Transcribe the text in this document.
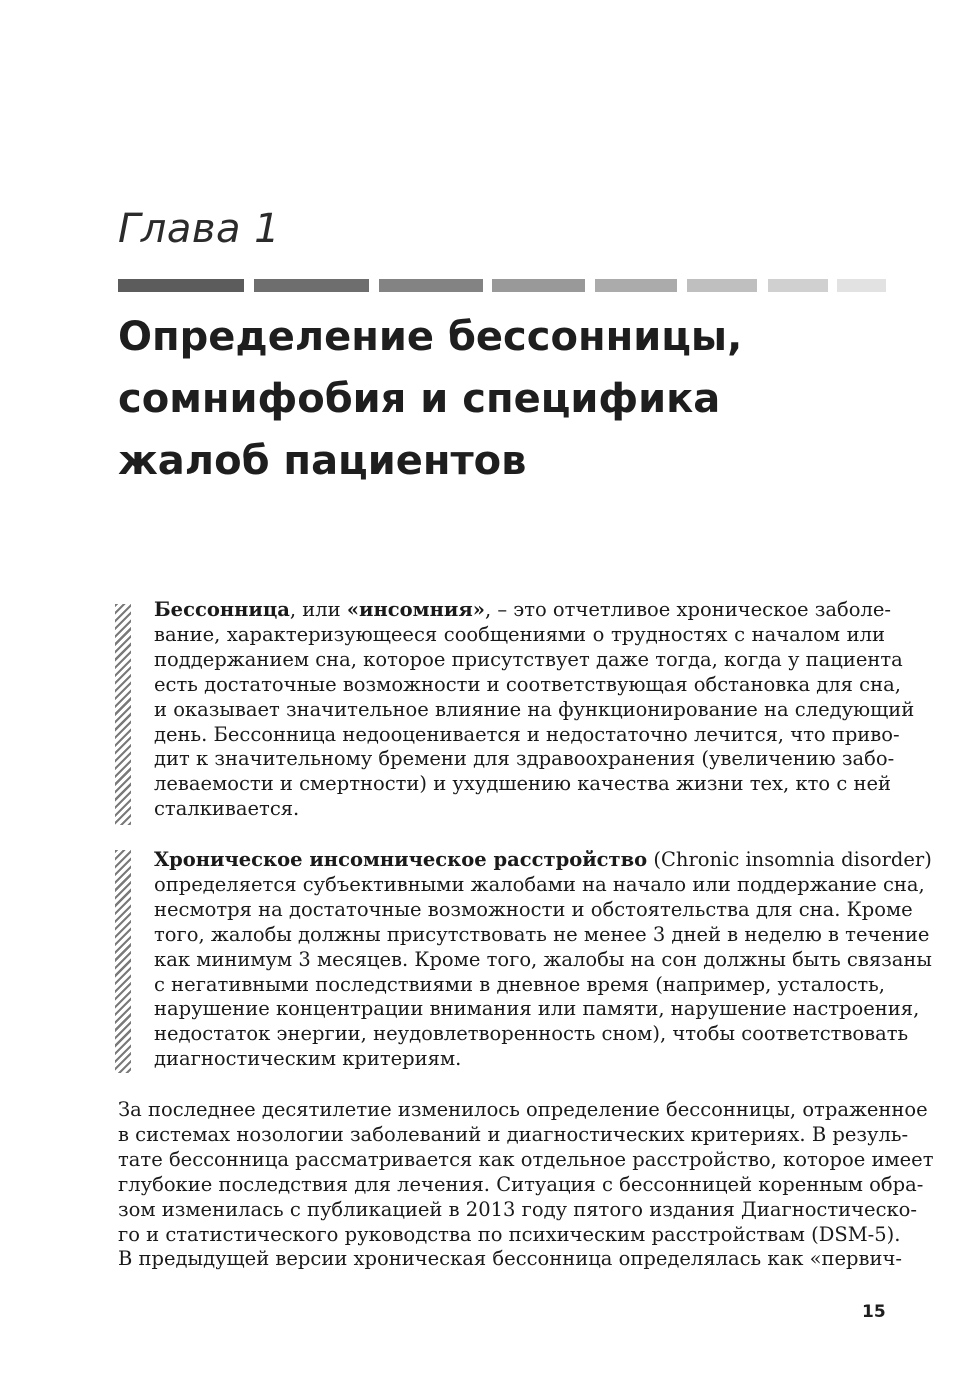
Глава 1
Определение бессонницы,
сомнифобия и специфика
жалоб пациентов
Бессонница, или «инсомния», – это отчетливое хроническое заболе-
вание, характеризующееся сообщениями о трудностях с началом или
поддержанием сна, которое присутствует даже тогда, когда у пациента
есть достаточные возможности и соответствующая обстановка для сна,
и оказывает значительное влияние на функционирование на следующий
день. Бессонница недооценивается и недостаточно лечится, что приво-
дит к значительному бремени для здравоохранения (увеличению забо-
леваемости и смертности) и ухудшению качества жизни тех, кто с ней
сталкивается.
Хроническое инсомническое расстройство (Chronic insomnia disorder)
определяется субъективными жалобами на начало или поддержание сна,
несмотря на достаточные возможности и обстоятельства для сна. Кроме
того, жалобы должны присутствовать не менее 3 дней в неделю в течение
как минимум 3 месяцев. Кроме того, жалобы на сон должны быть связаны
с негативными последствиями в дневное время (например, усталость,
нарушение концентрации внимания или памяти, нарушение настроения,
недостаток энергии, неудовлетворенность сном), чтобы соответствовать
диагностическим критериям.
За последнее десятилетие изменилось определение бессонницы, отраженное
в системах нозологии заболеваний и диагностических критериях. В резуль-
тате бессонница рассматривается как отдельное расстройство, которое имеет
глубокие последствия для лечения. Ситуация с бессонницей коренным обра-
зом изменилась с публикацией в 2013 году пятого издания Диагностическо-
го и статистического руководства по психическим расстройствам (DSM-5).
В предыдущей версии хроническая бессонница определялась как «первич-
15
